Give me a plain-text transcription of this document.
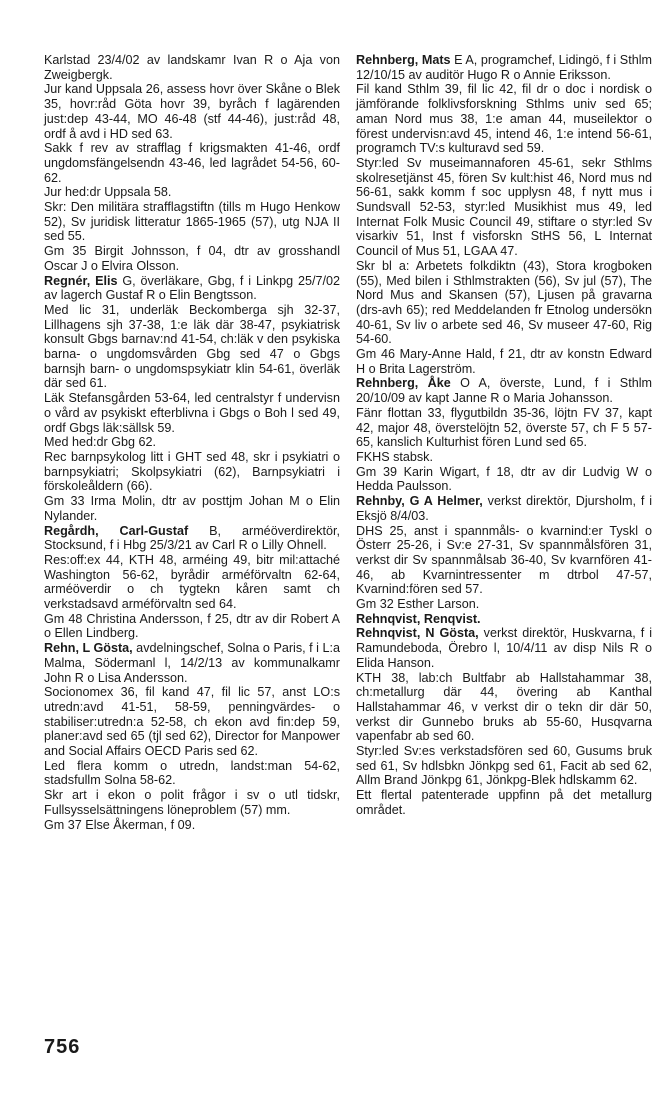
Karlstad 23/4/02 av landskamr Ivan R o Aja von Zweigbergk.

Jur kand Uppsala 26, assess hovr över Skåne o Blek 35, hovr:råd Göta hovr 39, byråch f lagärenden just:dep 43-44, MO 46-48 (stf 44-46), just:råd 48, ordf å avd i HD sed 63.

Sakk f rev av strafflag f krigsmakten 41-46, ordf ungdomsfängelsendn 43-46, led lagrådet 54-56, 60-62.

Jur hed:dr Uppsala 58.

Skr: Den militära strafflagstiftn (tills m Hugo Henkow 52), Sv juridisk litteratur 1865-1965 (57), utg NJA II sed 55.

Gm 35 Birgit Johnsson, f 04, dtr av grosshandl Oscar J o Elvira Olsson.

Regnér, Elis G, överläkare, Gbg, f i Linkpg 25/7/02 av lagerch Gustaf R o Elin Bengtsson.

Med lic 31, underläk Beckomberga sjh 32-37, Lillhagens sjh 37-38, 1:e läk där 38-47, psykiatrisk konsult Gbgs barnav:nd 41-54, ch:läk v den psykiska barna- o ungdomsvården Gbg sed 47 o Gbgs barnsjh barn- o ungdomspsykiatr klin 54-61, överläk där sed 61.

Läk Stefansgården 53-64, led centralstyr f undervisn o vård av psykiskt efterblivna i Gbgs o Boh l sed 49, ordf Gbgs läk:sällsk 59.

Med hed:dr Gbg 62.

Rec barnpsykolog litt i GHT sed 48, skr i psykiatri o barnpsykiatri; Skolpsykiatri (62), Barnpsykiatri i förskoleåldern (66).

Gm 33 Irma Molin, dtr av posttjm Johan M o Elin Nylander.

Regårdh, Carl-Gustaf B, arméöverdirektör, Stocksund, f i Hbg 25/3/21 av Carl R o Lilly Ohnell.

Res:off:ex 44, KTH 48, arméing 49, bitr mil:attaché Washington 56-62, byrådir arméförvaltn 62-64, arméöverdir o ch tygtekn kåren samt ch verkstadsavd arméförvaltn sed 64.

Gm 48 Christina Andersson, f 25, dtr av dir Robert A o Ellen Lindberg.

Rehn, L Gösta, avdelningschef, Solna o Paris, f i L:a Malma, Södermanl l, 14/2/13 av kommunalkamr John R o Lisa Andersson.

Socionomex 36, fil kand 47, fil lic 57, anst LO:s utredn:avd 41-51, 58-59, penningvärdes- o stabiliser:utredn:a 52-58, ch ekon avd fin:dep 59, planer:avd sed 65 (tjl sed 62), Director for Manpower and Social Affairs OECD Paris sed 62.

Led flera komm o utredn, landst:man 54-62, stadsfullm Solna 58-62.

Skr art i ekon o polit frågor i sv o utl tidskr, Fullsysselsättningens löneproblem (57) mm.

Gm 37 Else Åkerman, f 09.

Rehnberg, Mats E A, programchef, Lidingö, f i Sthlm 12/10/15 av auditör Hugo R o Annie Eriksson.

Fil kand Sthlm 39, fil lic 42, fil dr o doc i nordisk o jämförande folklivsforskning Sthlms univ sed 65; aman Nord mus 38, 1:e aman 44, museilektor o förest undervisn:avd 45, intend 46, 1:e intend 56-61, programch TV:s kulturavd sed 59.

Styr:led Sv museimannaforen 45-61, sekr Sthlms skolresetjänst 45, fören Sv kult:hist 46, Nord mus nd 56-61, sakk komm f soc upplysn 48, f nytt mus i Sundsvall 52-53, styr:led Musikhist mus 49, led Internat Folk Music Council 49, stiftare o styr:led Sv visarkiv 51, Inst f visforskn StHS 56, L Internat Council of Mus 51, LGAA 47.

Skr bl a: Arbetets folkdiktn (43), Stora krogboken (55), Med bilen i Sthlmstrakten (56), Sv jul (57), The Nord Mus and Skansen (57), Ljusen på gravarna (drs-avh 65); red Meddelanden fr Etnolog undersökn 40-61, Sv liv o arbete sed 46, Sv museer 47-60, Rig 54-60.

Gm 46 Mary-Anne Hald, f 21, dtr av konstn Edward H o Brita Lagerström.

Rehnberg, Åke O A, överste, Lund, f i Sthlm 20/10/09 av kapt Janne R o Maria Johansson.

Fänr flottan 33, flygutbildn 35-36, löjtn FV 37, kapt 42, major 48, överstelöjtn 52, överste 57, ch F 5 57-65, kanslich Kulturhist fören Lund sed 65.

FKHS stabsk.

Gm 39 Karin Wigart, f 18, dtr av dir Ludvig W o Hedda Paulsson.

Rehnby, G A Helmer, verkst direktör, Djursholm, f i Eksjö 8/4/03.

DHS 25, anst i spannmåls- o kvarnind:er Tyskl o Österr 25-26, i Sv:e 27-31, Sv spannmålsfören 31, verkst dir Sv spannmålsab 36-40, Sv kvarnfören 41-46, ab Kvarnintressenter m dtrbol 47-57, Kvarnind:fören sed 57.

Gm 32 Esther Larson.

Rehnqvist, Renqvist.

Rehnqvist, N Gösta, verkst direktör, Huskvarna, f i Ramundeboda, Örebro l, 10/4/11 av disp Nils R o Elida Hanson.

KTH 38, lab:ch Bultfabr ab Hallstahammar 38, ch:metallurg där 44, övering ab Kanthal Hallstahammar 46, v verkst dir o tekn dir där 50, verkst dir Gunnebo bruks ab 55-60, Husqvarna vapenfabr ab sed 60.

Styr:led Sv:es verkstadsfören sed 60, Gusums bruk sed 61, Sv hdlsbkn Jönkpg sed 61, Facit ab sed 62, Allm Brand Jönkpg 61, Jönkpg-Blek hdlskamm 62.

Ett flertal patenterade uppfinn på det metallurg området.

756
